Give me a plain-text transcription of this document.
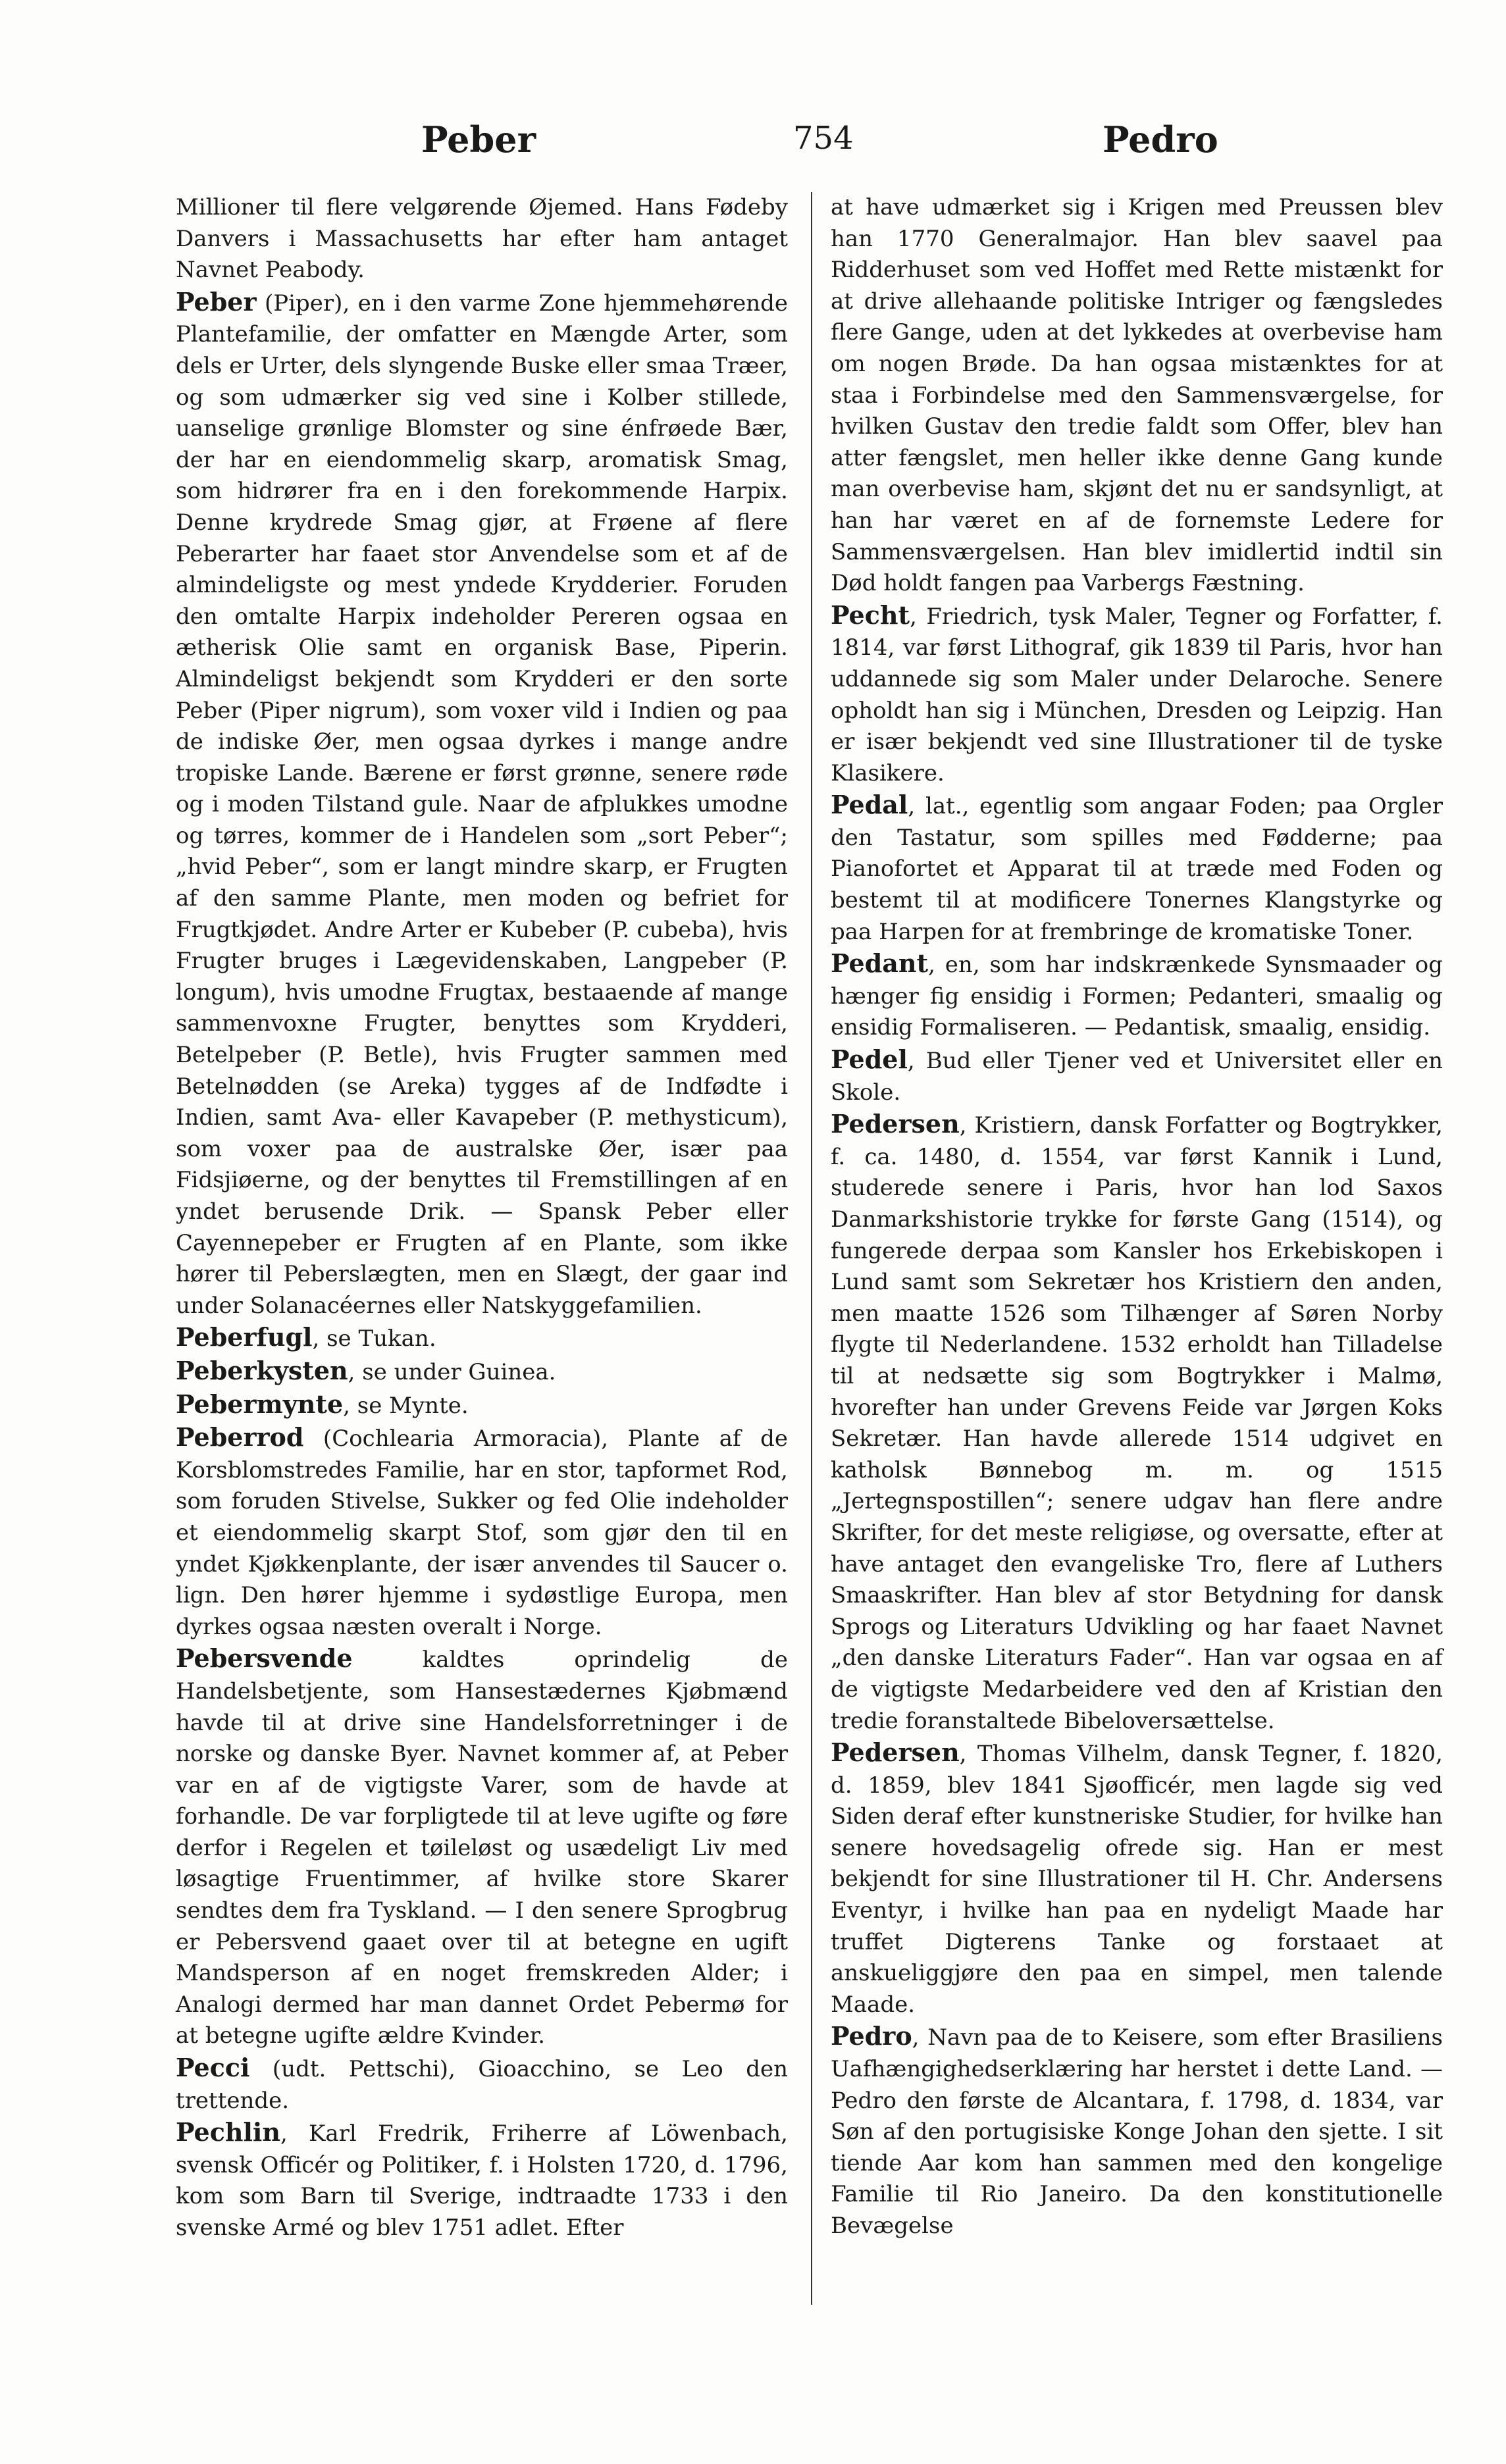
Peber	754	Pedro

Millioner til flere velgørende Øjemed. Hans Fødeby Danvers i Massachusetts har efter ham antaget Navnet Peabody.

Peber (Piper), en i den varme Zone hjemmehørende Plantefamilie, der omfatter en Mængde Arter, som dels er Urter, dels slyngende Buske eller smaa Træer, og som udmærker sig ved sine i Kolber stillede, uanselige grønlige Blomster og sine énfrøede Bær, der har en eiendommelig skarp, aromatisk Smag, som hidrører fra en i den forekommende Harpix. Denne krydrede Smag gjør, at Frøene af flere Peberarter har faaet stor Anvendelse som et af de almindeligste og mest yndede Krydderier. Foruden den omtalte Harpix indeholder Pereren ogsaa en ætherisk Olie samt en organisk Base, Piperin. Almindeligst bekjendt som Krydderi er den sorte Peber (Piper nigrum), som voxer vild i Indien og paa de indiske Øer, men ogsaa dyrkes i mange andre tropiske Lande. Bærene er først grønne, senere røde og i moden Tilstand gule. Naar de afplukkes umodne og tørres, kommer de i Handelen som „sort Peber“; „hvid Peber“, som er langt mindre skarp, er Frugten af den samme Plante, men moden og befriet for Frugtkjødet. Andre Arter er Kubeber (P. cubeba), hvis Frugter bruges i Lægevidenskaben, Langpeber (P. longum), hvis umodne Frugtax, bestaaende af mange sammenvoxne Frugter, benyttes som Krydderi, Betelpeber (P. Betle), hvis Frugter sammen med Betelnødden (se Areka) tygges af de Indfødte i Indien, samt Ava- eller Kavapeber (P. methysticum), som voxer paa de australske Øer, især paa Fidsjiøerne, og der benyttes til Fremstillingen af en yndet berusende Drik. — Spansk Peber eller Cayennepeber er Frugten af en Plante, som ikke hører til Peberslægten, men en Slægt, der gaar ind under Solanacéernes eller Natskyggefamilien.

Peberfugl, se Tukan.

Peberkysten, se under Guinea.

Pebermynte, se Mynte.

Peberrod (Cochlearia Armoracia), Plante af de Korsblomstredes Familie, har en stor, tapformet Rod, som foruden Stivelse, Sukker og fed Olie indeholder et eiendommelig skarpt Stof, som gjør den til en yndet Kjøkkenplante, der især anvendes til Saucer o. lign. Den hører hjemme i sydøstlige Europa, men dyrkes ogsaa næsten overalt i Norge.

Pebersvende kaldtes oprindelig de Handelsbetjente, som Hansestædernes Kjøbmænd havde til at drive sine Handelsforretninger i de norske og danske Byer. Navnet kommer af, at Peber var en af de vigtigste Varer, som de havde at forhandle. De var forpligtede til at leve ugifte og føre derfor i Regelen et tøileløst og usædeligt Liv med løsagtige Fruentimmer, af hvilke store Skarer sendtes dem fra Tyskland. — I den senere Sprogbrug er Pebersvend gaaet over til at betegne en ugift Mandsperson af en noget fremskreden Alder; i Analogi dermed har man dannet Ordet Pebermø for at betegne ugifte ældre Kvinder.

Pecci (udt. Pettschi), Gioacchino, se Leo den trettende.

Pechlin, Karl Fredrik, Friherre af Löwenbach, svensk Officér og Politiker, f. i Holsten 1720, d. 1796, kom som Barn til Sverige, indtraadte 1733 i den svenske Armé og blev 1751 adlet. Efter

at have udmærket sig i Krigen med Preussen blev han 1770 Generalmajor. Han blev saavel paa Ridderhuset som ved Hoffet med Rette mistænkt for at drive allehaande politiske Intriger og fængsledes flere Gange, uden at det lykkedes at overbevise ham om nogen Brøde. Da han ogsaa mistænktes for at staa i Forbindelse med den Sammensværgelse, for hvilken Gustav den tredie faldt som Offer, blev han atter fængslet, men heller ikke denne Gang kunde man overbevise ham, skjønt det nu er sandsynligt, at han har været en af de fornemste Ledere for Sammensværgelsen. Han blev imidlertid indtil sin Død holdt fangen paa Varbergs Fæstning.

Pecht, Friedrich, tysk Maler, Tegner og Forfatter, f. 1814, var først Lithograf, gik 1839 til Paris, hvor han uddannede sig som Maler under Delaroche. Senere opholdt han sig i München, Dresden og Leipzig. Han er især bekjendt ved sine Illustrationer til de tyske Klasikere.

Pedal, lat., egentlig som angaar Foden; paa Orgler den Tastatur, som spilles med Fødderne; paa Pianofortet et Apparat til at træde med Foden og bestemt til at modificere Tonernes Klangstyrke og paa Harpen for at frembringe de kromatiske Toner.

Pedant, en, som har indskrænkede Synsmaader og hænger fig ensidig i Formen; Pedanteri, smaalig og ensidig Formaliseren. — Pedantisk, smaalig, ensidig.

Pedel, Bud eller Tjener ved et Universitet eller en Skole.

Pedersen, Kristiern, dansk Forfatter og Bogtrykker, f. ca. 1480, d. 1554, var først Kannik i Lund, studerede senere i Paris, hvor han lod Saxos Danmarkshistorie trykke for første Gang (1514), og fungerede derpaa som Kansler hos Erkebiskopen i Lund samt som Sekretær hos Kristiern den anden, men maatte 1526 som Tilhænger af Søren Norby flygte til Nederlandene. 1532 erholdt han Tilladelse til at nedsætte sig som Bogtrykker i Malmø, hvorefter han under Grevens Feide var Jørgen Koks Sekretær. Han havde allerede 1514 udgivet en katholsk Bønnebog m. m. og 1515 „Jertegnspostillen“; senere udgav han flere andre Skrifter, for det meste religiøse, og oversatte, efter at have antaget den evangeliske Tro, flere af Luthers Smaaskrifter. Han blev af stor Betydning for dansk Sprogs og Literaturs Udvikling og har faaet Navnet „den danske Literaturs Fader“. Han var ogsaa en af de vigtigste Medarbeidere ved den af Kristian den tredie foranstaltede Bibeloversættelse.

Pedersen, Thomas Vilhelm, dansk Tegner, f. 1820, d. 1859, blev 1841 Sjøofficér, men lagde sig ved Siden deraf efter kunstneriske Studier, for hvilke han senere hovedsagelig ofrede sig. Han er mest bekjendt for sine Illustrationer til H. Chr. Andersens Eventyr, i hvilke han paa en nydeligt Maade har truffet Digterens Tanke og forstaaet at anskueliggjøre den paa en simpel, men talende Maade.

Pedro, Navn paa de to Keisere, som efter Brasiliens Uafhængighedserklæring har herstet i dette Land. — Pedro den første de Alcantara, f. 1798, d. 1834, var Søn af den portugisiske Konge Johan den sjette. I sit tiende Aar kom han sammen med den kongelige Familie til Rio Janeiro. Da den konstitutionelle Bevægelse
